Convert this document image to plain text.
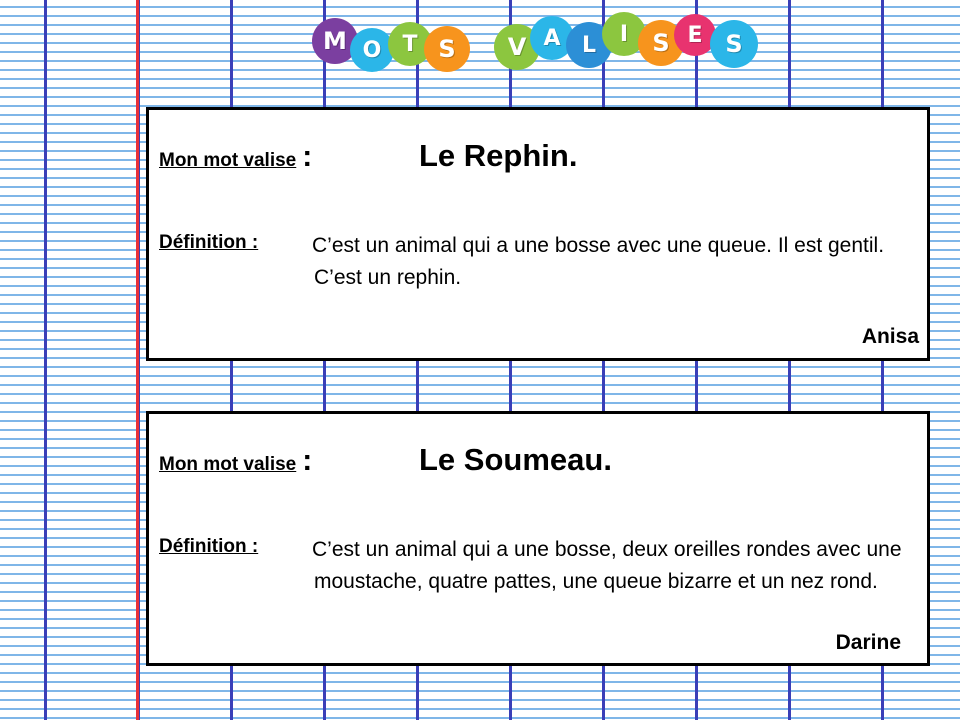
M O T S	V A L	I	S E S
Mon mot valise :	Le Rephin.
Définition :	C’est un animal qui a une bosse avec une queue. Il est gentil. C’est un rephin.
Anisa
Mon mot valise :	Le Soumeau.
Définition :	C’est un animal qui a une bosse, deux oreilles rondes avec une moustache, quatre pattes, une queue bizarre et un nez rond.
Darine
